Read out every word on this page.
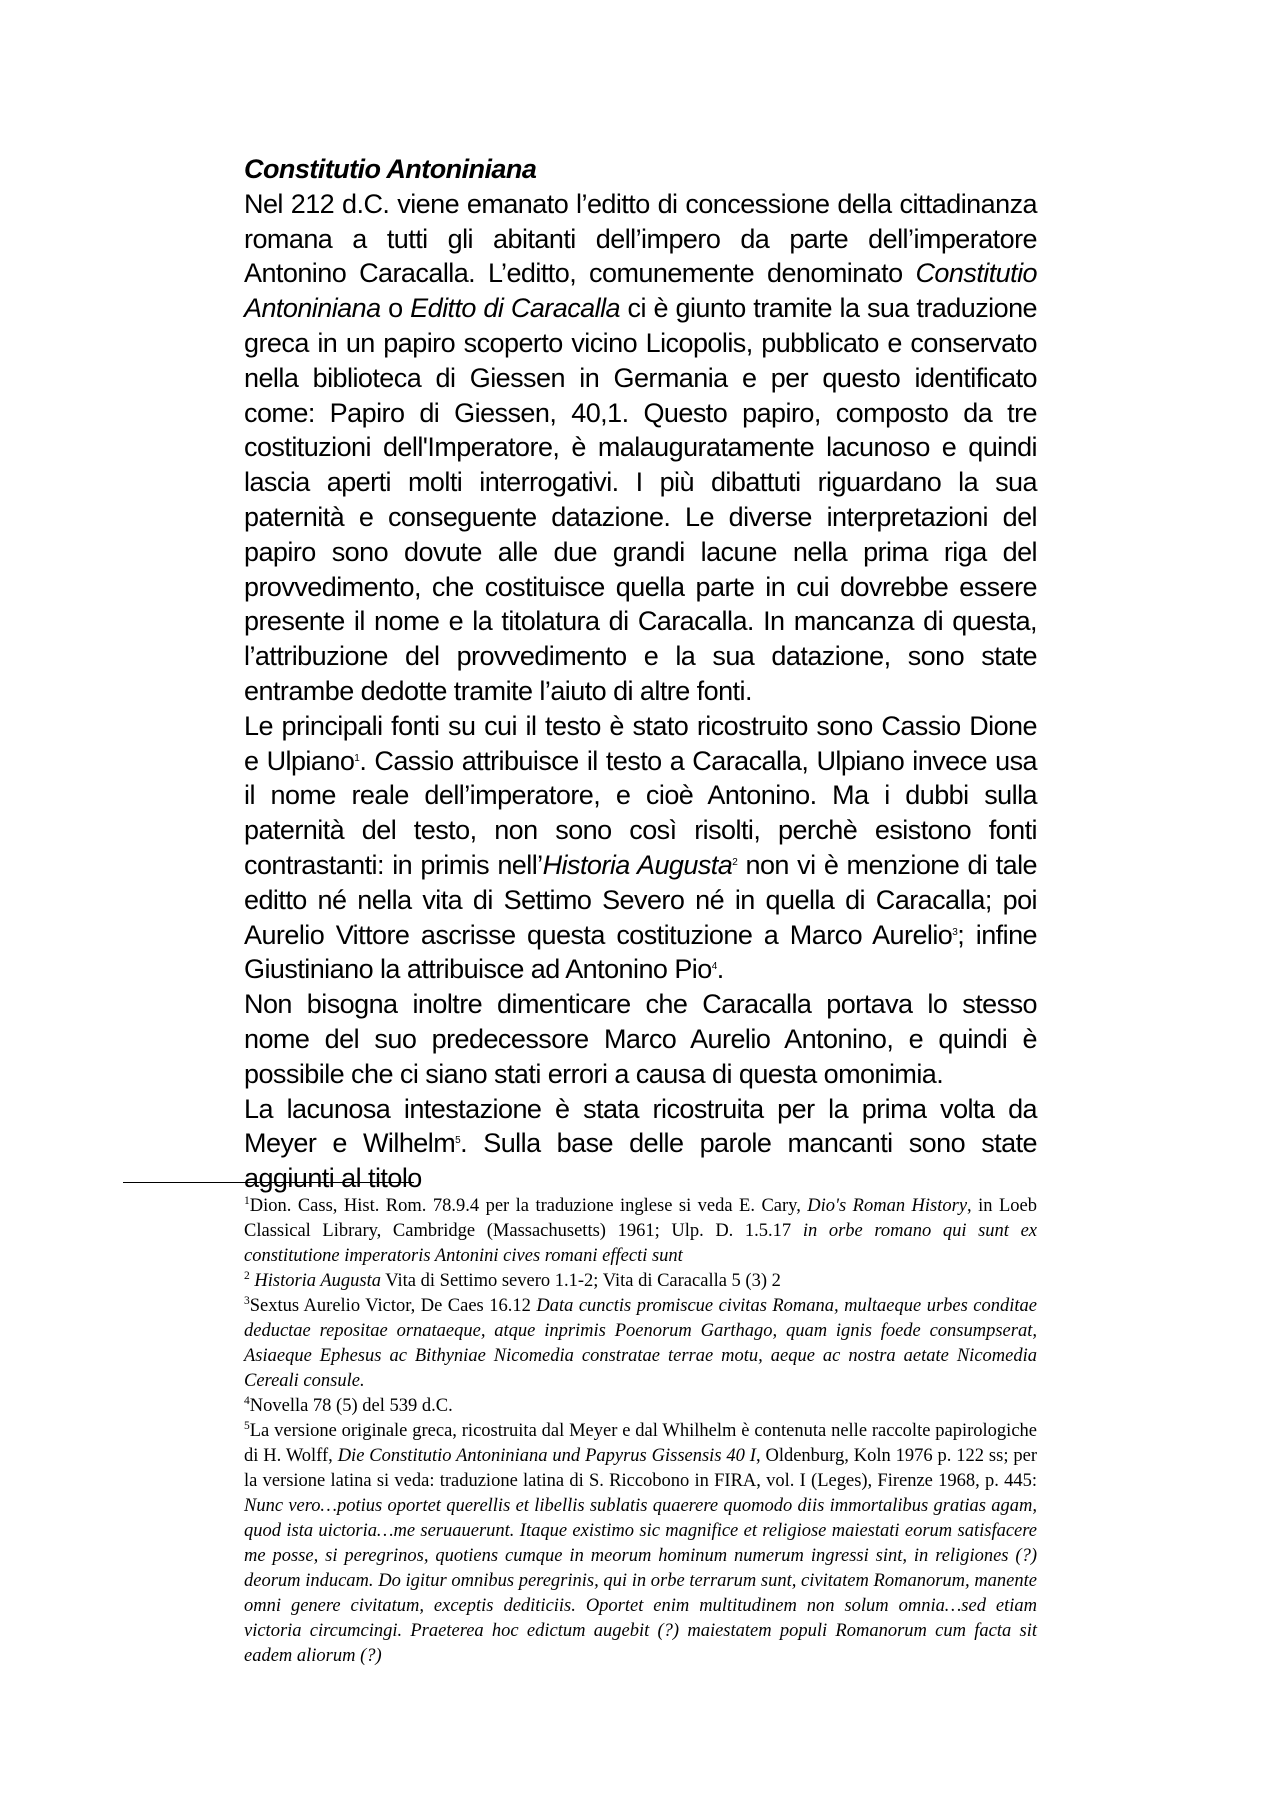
Constitutio Antoniniana

Nel 212 d.C. viene emanato l’editto di concessione della cittadinanza romana a tutti gli abitanti dell’impero da parte dell’imperatore Antonino Caracalla. L’editto, comunemente denominato Constitutio Antoniniana o Editto di Caracalla ci è giunto tramite la sua traduzione greca in un papiro scoperto vicino Licopolis, pubblicato e conservato nella biblioteca di Giessen in Germania e per questo identificato come: Papiro di Giessen, 40,1. Questo papiro, composto da tre costituzioni dell'Imperatore, è malauguratamente lacunoso e quindi lascia aperti molti interrogativi. I più dibattuti riguardano la sua paternità e conseguente datazione. Le diverse interpretazioni del papiro sono dovute alle due grandi lacune nella prima riga del provvedimento, che costituisce quella parte in cui dovrebbe essere presente il nome e la titolatura di Caracalla. In mancanza di questa, l’attribuzione del provvedimento e la sua datazione, sono state entrambe dedotte tramite l’aiuto di altre fonti.

Le principali fonti su cui il testo è stato ricostruito sono Cassio Dione e Ulpiano$^1$. Cassio attribuisce il testo a Caracalla, Ulpiano invece usa il nome reale dell’imperatore, e cioè Antonino. Ma i dubbi sulla paternità del testo, non sono così risolti, perchè esistono fonti contrastanti: in primis nell’Historia Augusta$^2$ non vi è menzione di tale editto né nella vita di Settimo Severo né in quella di Caracalla; poi Aurelio Vittore ascrisse questa costituzione a Marco Aurelio$^3$; infine Giustiniano la attribuisce ad Antonino Pio$^4$.

Non bisogna inoltre dimenticare che Caracalla portava lo stesso nome del suo predecessore Marco Aurelio Antonino, e quindi è possibile che ci siano stati errori a causa di questa omonimia.

La lacunosa intestazione è stata ricostruita per la prima volta da Meyer e Wilhelm$^5$. Sulla base delle parole mancanti sono state aggiunti al titolo

$^1$Dion. Cass, Hist. Rom. 78.9.4 per la traduzione inglese si veda E. Cary, Dio's Roman History, in Loeb Classical Library, Cambridge (Massachusetts) 1961; Ulp. D. 1.5.17 in orbe romano qui sunt ex constitutione imperatoris Antonini cives romani effecti sunt

$^2$ Historia Augusta Vita di Settimo severo 1.1-2; Vita di Caracalla 5 (3) 2

$^3$Sextus Aurelio Victor, De Caes 16.12 Data cunctis promiscue civitas Romana, multaeque urbes conditae deductae repositae ornataeque, atque inprimis Poenorum Garthago, quam ignis foede consumpserat, Asiaeque Ephesus ac Bithyniae Nicomedia constratae terrae motu, aeque ac nostra aetate Nicomedia Cereali consule.

$^4$Novella 78 (5) del 539 d.C.

$^5$La versione originale greca, ricostruita dal Meyer e dal Whilhelm è contenuta nelle raccolte papirologiche di H. Wolff, Die Constitutio Antoniniana und Papyrus Gissensis 40 I, Oldenburg, Koln 1976 p. 122 ss; per la versione latina si veda: traduzione latina di S. Riccobono in FIRA, vol. I (Leges), Firenze 1968, p. 445: Nunc vero…potius oportet querellis et libellis sublatis quaerere quomodo diis immortalibus gratias agam, quod ista uictoria…me seruauerunt. Itaque existimo sic magnifice et religiose maiestati eorum satisfacere me posse, si peregrinos, quotiens cumque in meorum hominum numerum ingressi sint, in religiones (?) deorum inducam. Do igitur omnibus peregrinis, qui in orbe terrarum sunt, civitatem Romanorum, manente omni genere civitatum, exceptis dediticiis. Oportet enim multitudinem non solum omnia…sed etiam victoria circumcingi. Praeterea hoc edictum augebit (?) maiestatem populi Romanorum cum facta sit eadem aliorum (?)
